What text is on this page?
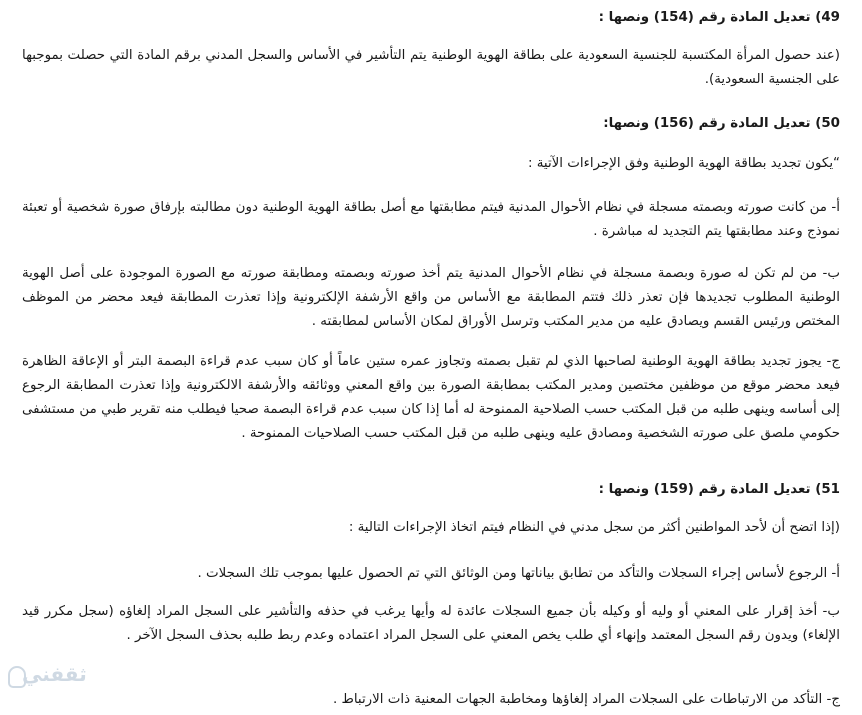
49) تعديل المادة رقم (154) ونصها :
(عند حصول المرأة المكتسبة للجنسية السعودية على بطاقة الهوية الوطنية يتم التأشير في الأساس والسجل المدني برقم المادة التي حصلت بموجبها على الجنسية السعودية).
50) تعديل المادة رقم (156) ونصها:
“يكون تجديد بطاقة الهوية الوطنية وفق الإجراءات الآتية :
أ- من كانت صورته وبصمته مسجلة في نظام الأحوال المدنية فيتم مطابقتها مع أصل بطاقة الهوية الوطنية دون مطالبته بإرفاق صورة شخصية أو تعبئة نموذج وعند مطابقتها يتم التجديد له مباشرة .
ب- من لم تكن له صورة وبصمة مسجلة في نظام الأحوال المدنية يتم أخذ صورته وبصمته ومطابقة صورته مع الصورة الموجودة على أصل الهوية الوطنية المطلوب تجديدها فإن تعذر ذلك فتتم المطابقة مع الأساس من واقع الأرشفة الإلكترونية وإذا تعذرت المطابقة فيعد محضر من الموظف المختص ورئيس القسم ويصادق عليه من مدير المكتب وترسل الأوراق لمكان الأساس لمطابقته .
ج- يجوز تجديد بطاقة الهوية الوطنية لصاحبها الذي لم تقبل بصمته وتجاوز عمره ستين عاماً أو كان سبب عدم قراءة البصمة البتر أو الإعاقة الظاهرة فيعد محضر موقع من موظفين مختصين ومدير المكتب بمطابقة الصورة بين واقع المعني ووثائقه والأرشفة الالكترونية وإذا تعذرت المطابقة الرجوع إلى أساسه وينهى طلبه من قبل المكتب حسب الصلاحية الممنوحة له أما إذا كان سبب عدم قراءة البصمة صحيا فيطلب منه تقرير طبي من مستشفى حكومي ملصق على صورته الشخصية ومصادق عليه وينهى طلبه من قبل المكتب حسب الصلاحيات الممنوحة .
51) تعديل المادة رقم (159) ونصها :
(إذا اتضح أن لأحد المواطنين أكثر من سجل مدني في النظام فيتم اتخاذ الإجراءات التالية :
أ- الرجوع لأساس إجراء السجلات والتأكد من تطابق بياناتها ومن الوثائق التي تم الحصول عليها بموجب تلك السجلات .
ب- أخذ إقرار على المعني أو وليه أو وكيله بأن جميع السجلات عائدة له وأيها يرغب في حذفه والتأشير على السجل المراد إلغاؤه (سجل مكرر قيد الإلغاء) ويدون رقم السجل المعتمد وإنهاء أي طلب يخص المعني على السجل المراد اعتماده وعدم ربط طلبه بحذف السجل الآخر .
ج- التأكد من الارتباطات على السجلات المراد إلغاؤها ومخاطبة الجهات المعنية ذات الارتباط .
ثقفني
